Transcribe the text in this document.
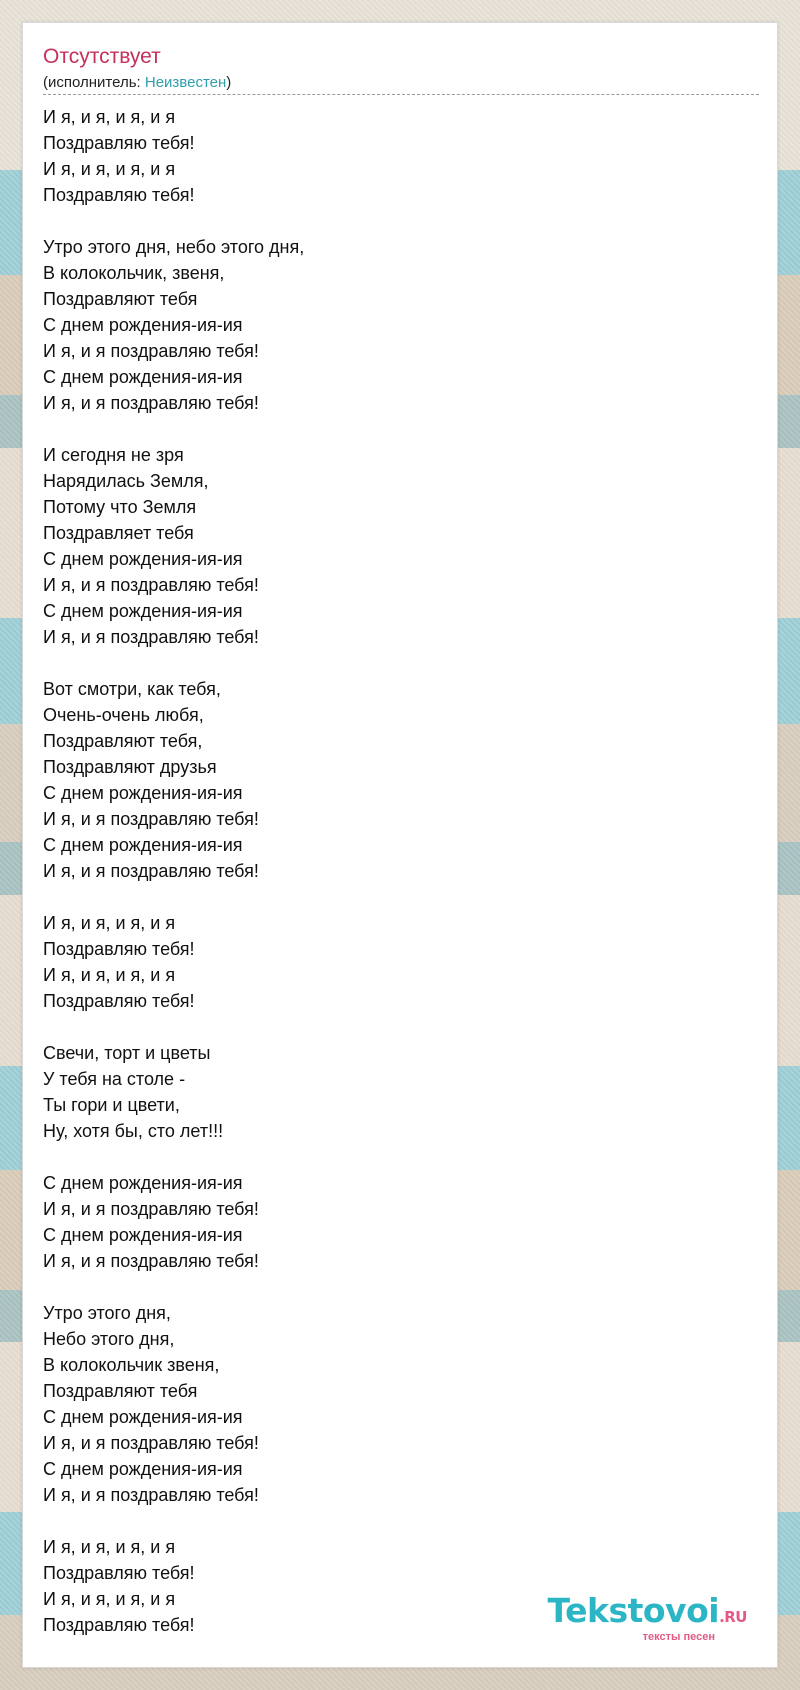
Отсутствует
(исполнитель: Неизвестен)
И я, и я, и я, и я
Поздравляю тебя!
И я, и я, и я, и я
Поздравляю тебя!
Утро этого дня, небо этого дня,
В колокольчик, звеня,
Поздравляют тебя
С днем рождения-ия-ия
И я, и я поздравляю тебя!
С днем рождения-ия-ия
И я, и я поздравляю тебя!
И сегодня не зря
Нарядилась Земля,
Потому что Земля
Поздравляет тебя
С днем рождения-ия-ия
И я, и я поздравляю тебя!
С днем рождения-ия-ия
И я, и я поздравляю тебя!
Вот смотри, как тебя,
Очень-очень любя,
Поздравляют тебя,
Поздравляют друзья
С днем рождения-ия-ия
И я, и я поздравляю тебя!
С днем рождения-ия-ия
И я, и я поздравляю тебя!
И я, и я, и я, и я
Поздравляю тебя!
И я, и я, и я, и я
Поздравляю тебя!
Свечи, торт и цветы
У тебя на столе -
Ты гори и цвети,
Ну, хотя бы, сто лет!!!
С днем рождения-ия-ия
И я, и я поздравляю тебя!
С днем рождения-ия-ия
И я, и я поздравляю тебя!
Утро этого дня,
Небо этого дня,
В колокольчик звеня,
Поздравляют тебя
С днем рождения-ия-ия
И я, и я поздравляю тебя!
С днем рождения-ия-ия
И я, и я поздравляю тебя!
И я, и я, и я, и я
Поздравляю тебя!
И я, и я, и я, и я
Поздравляю тебя!	Tekstovoi.RU
тексты песен
